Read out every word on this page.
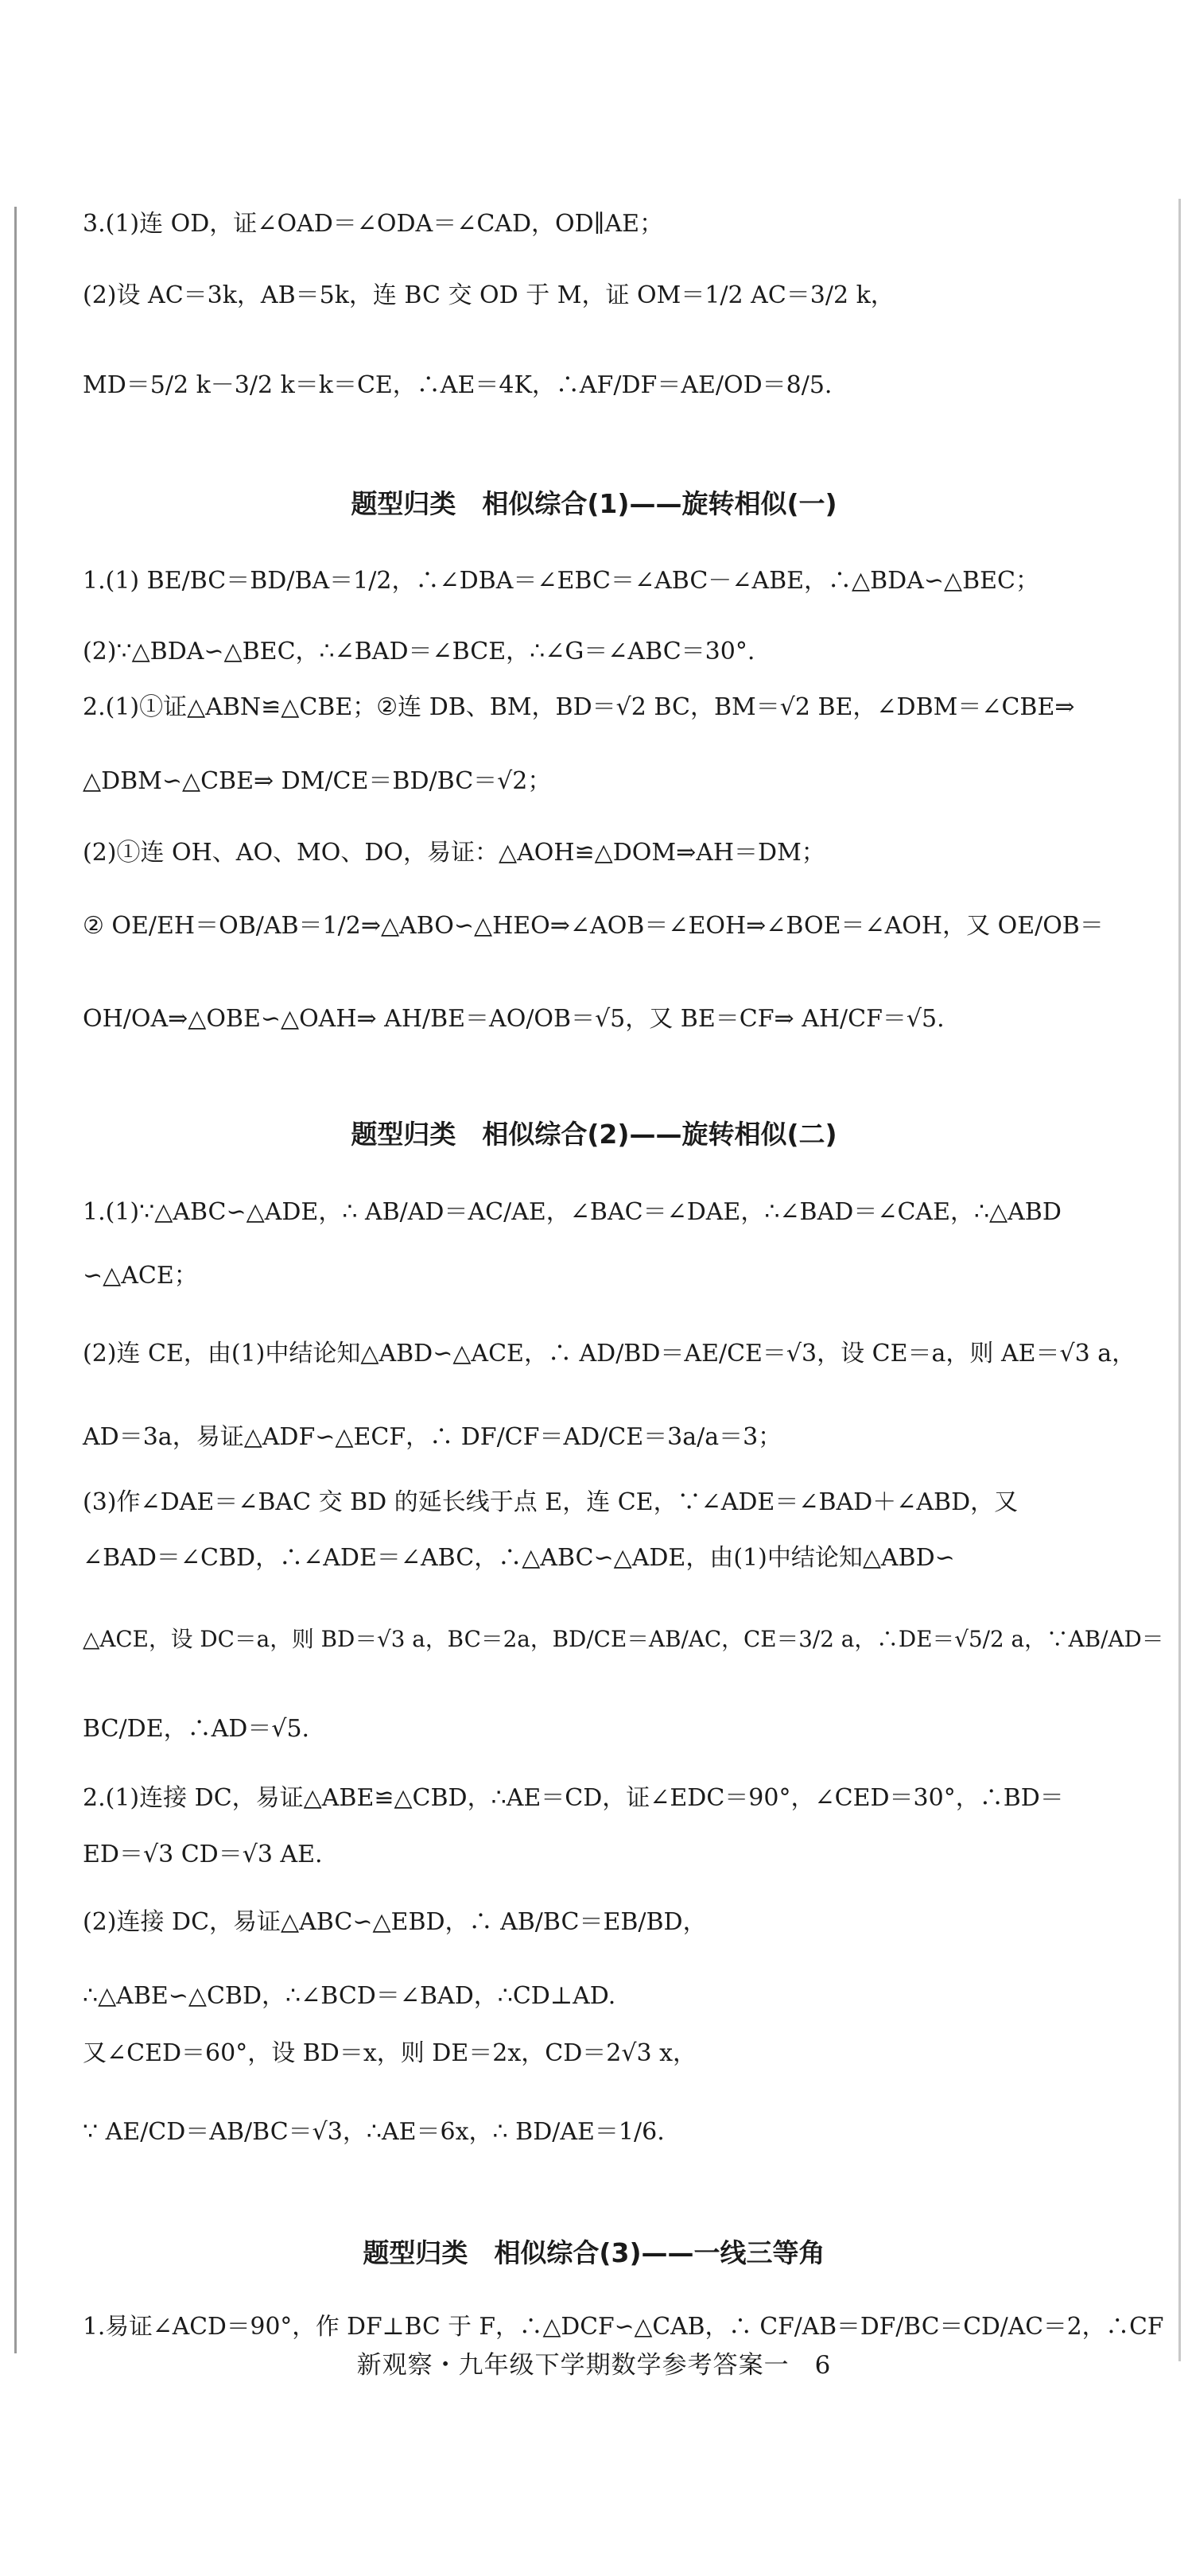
3.(1)连 OD，证∠OAD＝∠ODA＝∠CAD，OD∥AE；
(2)设 AC＝3k，AB＝5k，连 BC 交 OD 于 M，证 OM＝1/2 AC＝3/2 k，
MD＝5/2 k－3/2 k＝k＝CE，∴AE＝4K，∴AF/DF＝AE/OD＝8/5.
1.(1) BE/BC＝BD/BA＝1/2，∴∠DBA＝∠EBC＝∠ABC－∠ABE，∴△BDA∽△BEC；
(2)∵△BDA∽△BEC，∴∠BAD＝∠BCE，∴∠G＝∠ABC＝30°.
2.(1)①证△ABN≌△CBE；②连 DB、BM，BD＝√2 BC，BM＝√2 BE，∠DBM＝∠CBE⇒
△DBM∽△CBE⇒ DM/CE＝BD/BC＝√2；
(2)①连 OH、AO、MO、DO，易证：△AOH≌△DOM⇒AH＝DM；
② OE/EH＝OB/AB＝1/2⇒△ABO∽△HEO⇒∠AOB＝∠EOH⇒∠BOE＝∠AOH，又 OE/OB＝
OH/OA⇒△OBE∽△OAH⇒ AH/BE＝AO/OB＝√5，又 BE＝CF⇒ AH/CF＝√5.
1.(1)∵△ABC∽△ADE，∴ AB/AD＝AC/AE，∠BAC＝∠DAE，∴∠BAD＝∠CAE，∴△ABD
∽△ACE；
(2)连 CE，由(1)中结论知△ABD∽△ACE，∴ AD/BD＝AE/CE＝√3，设 CE＝a，则 AE＝√3 a，
AD＝3a，易证△ADF∽△ECF，∴ DF/CF＝AD/CE＝3a/a＝3；
(3)作∠DAE＝∠BAC 交 BD 的延长线于点 E，连 CE，∵∠ADE＝∠BAD＋∠ABD，又
∠BAD＝∠CBD，∴∠ADE＝∠ABC，∴△ABC∽△ADE，由(1)中结论知△ABD∽
△ACE，设 DC＝a，则 BD＝√3 a，BC＝2a，BD/CE＝AB/AC，CE＝3/2 a，∴DE＝√5/2 a，∵AB/AD＝
BC/DE，∴AD＝√5.
2.(1)连接 DC，易证△ABE≌△CBD，∴AE＝CD，证∠EDC＝90°，∠CED＝30°，∴BD＝
ED＝√3 CD＝√3 AE.
(2)连接 DC，易证△ABC∽△EBD，∴ AB/BC＝EB/BD，
∴△ABE∽△CBD，∴∠BCD＝∠BAD，∴CD⊥AD.
又∠CED＝60°，设 BD＝x，则 DE＝2x，CD＝2√3 x，
∵ AE/CD＝AB/BC＝√3，∴AE＝6x，∴ BD/AE＝1/6.
1.易证∠ACD＝90°，作 DF⊥BC 于 F，∴△DCF∽△CAB，∴ CF/AB＝DF/BC＝CD/AC＝2，∴CF
题型归类　相似综合(1)——旋转相似(一)
题型归类　相似综合(2)——旋转相似(二)
题型归类　相似综合(3)——一线三等角
新观察・九年级下学期数学参考答案一　6
